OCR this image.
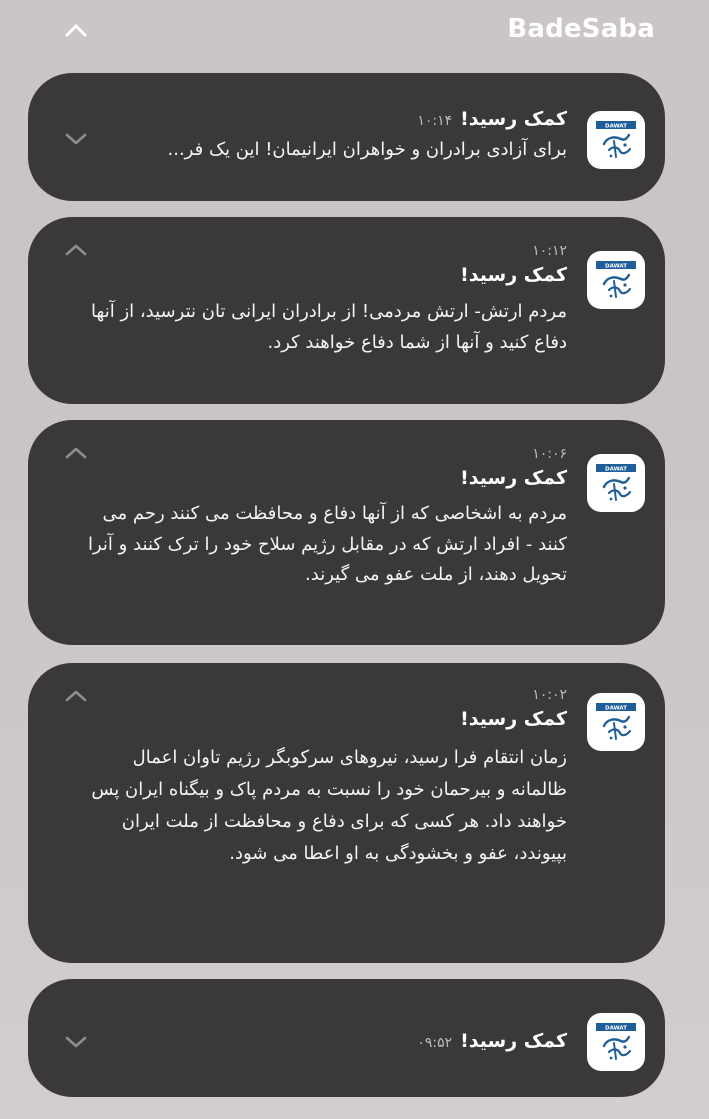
BadeSaba
کمک رسید!۱۰:۱۴
برای آزادی برادران و خواهران ایرانیمان! این یک فر...
۱۰:۱۲
کمک رسید!
مردم ارتش- ارتش مردمی! از برادران ایرانی تان نترسید، از آنها دفاع کنید و آنها از شما دفاع خواهند کرد.
۱۰:۰۶
کمک رسید!
مردم به اشخاصی که از آنها دفاع و محافظت می کنند رحم می کنند - افراد ارتش که در مقابل رژیم سلاح خود را ترک کنند و آنرا تحویل دهند، از ملت عفو می گیرند.
۱۰:۰۲
کمک رسید!
زمان انتقام فرا رسید، نیروهای سرکوبگر رژیم تاوان اعمال ظالمانه و بیرحمان خود را نسبت به مردم پاک و بیگناه ایران پس خواهند داد. هر کسی که برای دفاع و محافظت از ملت ایران بپیوندد، عفو و بخشودگی به او اعطا می شود.
کمک رسید!۰۹:۵۲
